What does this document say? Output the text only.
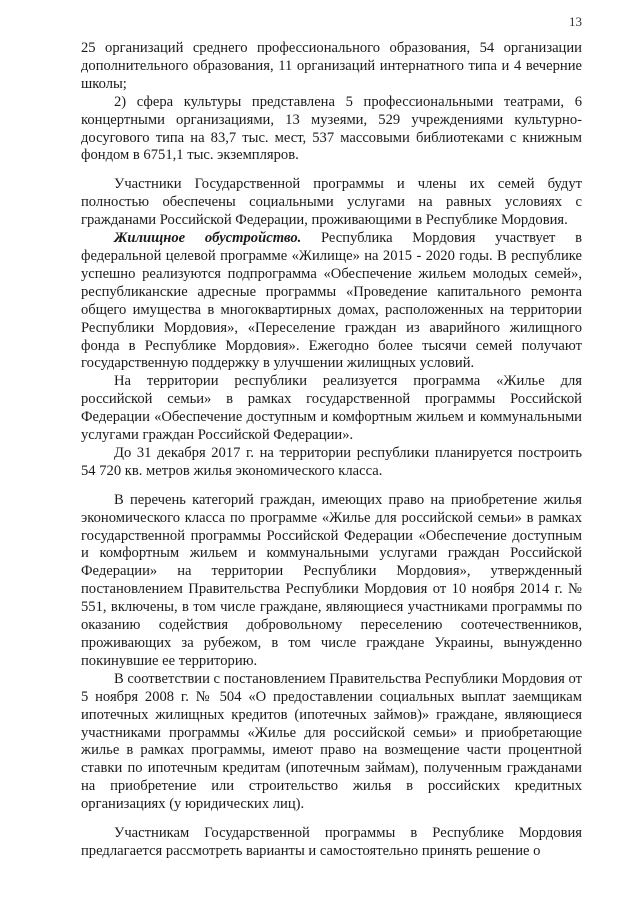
13

25 организаций среднего профессионального образования, 54 организации дополнительного образования, 11 организаций интернатного типа и 4 вечерние школы;

2) сфера культуры представлена 5 профессиональными театрами, 6 концертными организациями, 13 музеями, 529 учреждениями культурно-досугового типа на 83,7 тыс. мест, 537 массовыми библиотеками с книжным фондом в 6751,1 тыс. экземпляров.

Участники Государственной программы и члены их семей будут полностью обеспечены социальными услугами на равных условиях с гражданами Российской Федерации, проживающими в Республике Мордовия.

Жилищное обустройство. Республика Мордовия участвует в федеральной целевой программе «Жилище» на 2015 - 2020 годы. В республике успешно реализуются подпрограмма «Обеспечение жильем молодых семей», республиканские адресные программы «Проведение капитального ремонта общего имущества в многоквартирных домах, расположенных на территории Республики Мордовия», «Переселение граждан из аварийного жилищного фонда в Республике Мордовия». Ежегодно более тысячи семей получают государственную поддержку в улучшении жилищных условий.

На территории республики реализуется программа «Жилье для российской семьи» в рамках государственной программы Российской Федерации «Обеспечение доступным и комфортным жильем и коммунальными услугами граждан Российской Федерации».

До 31 декабря 2017 г. на территории республики планируется построить 54 720 кв. метров жилья экономического класса.

В перечень категорий граждан, имеющих право на приобретение жилья экономического класса по программе «Жилье для российской семьи» в рамках государственной программы Российской Федерации «Обеспечение доступным и комфортным жильем и коммунальными услугами граждан Российской Федерации» на территории Республики Мордовия», утвержденный постановлением Правительства Республики Мордовия от 10 ноября 2014 г. № 551, включены, в том числе граждане, являющиеся участниками программы по оказанию содействия добровольному переселению соотечественников, проживающих за рубежом, в том числе граждане Украины, вынужденно покинувшие ее территорию.

В соответствии с постановлением Правительства Республики Мордовия от 5 ноября 2008 г. № 504 «О предоставлении социальных выплат заемщикам ипотечных жилищных кредитов (ипотечных займов)» граждане, являющиеся участниками программы «Жилье для российской семьи» и приобретающие жилье в рамках программы, имеют право на возмещение части процентной ставки по ипотечным кредитам (ипотечным займам), полученным гражданами на приобретение или строительство жилья в российских кредитных организациях (у юридических лиц).

Участникам Государственной программы в Республике Мордовия предлагается рассмотреть варианты и самостоятельно принять решение о
